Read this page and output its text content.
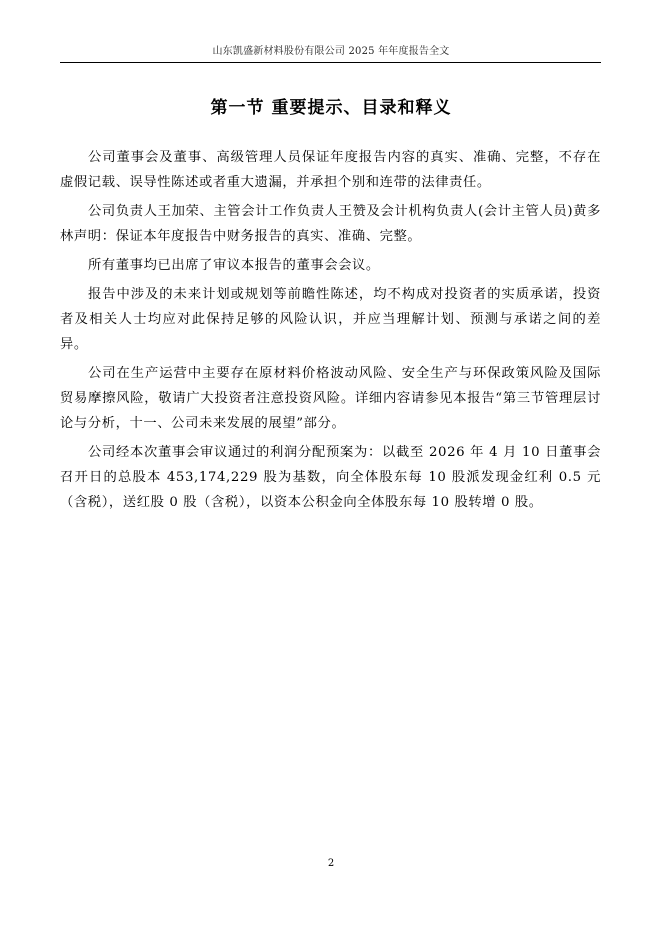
山东凯盛新材料股份有限公司 2025 年年度报告全文
第一节 重要提示、目录和释义

公司董事会及董事、高级管理人员保证年度报告内容的真实、准确、完整，不存在虚假记载、误导性陈述或者重大遗漏，并承担个别和连带的法律责任。

公司负责人王加荣、主管会计工作负责人王赞及会计机构负责人(会计主管人员)黄多林声明：保证本年度报告中财务报告的真实、准确、完整。

所有董事均已出席了审议本报告的董事会会议。

报告中涉及的未来计划或规划等前瞻性陈述，均不构成对投资者的实质承诺，投资者及相关人士均应对此保持足够的风险认识，并应当理解计划、预测与承诺之间的差异。

公司在生产运营中主要存在原材料价格波动风险、安全生产与环保政策风险及国际贸易摩擦风险，敬请广大投资者注意投资风险。详细内容请参见本报告“第三节管理层讨论与分析，十一、公司未来发展的展望”部分。

公司经本次董事会审议通过的利润分配预案为：以截至 2026 年 4 月 10 日董事会召开日的总股本 453,174,229 股为基数，向全体股东每 10 股派发现金红利 0.5 元（含税），送红股 0 股（含税），以资本公积金向全体股东每 10 股转增 0 股。

2
